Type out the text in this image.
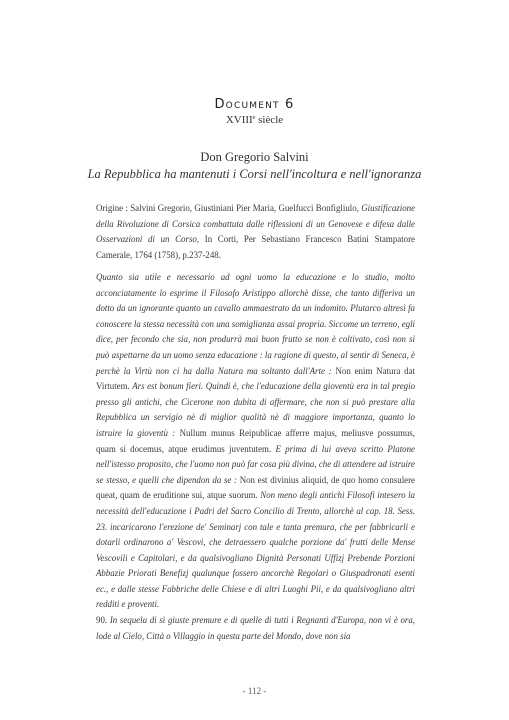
Document 6
XVIIIe siècle
Don Gregorio Salvini
La Repubblica ha mantenuti i Corsi nell'incoltura e nell'ignoranza
Origine : Salvini Gregorio, Giustiniani Pier Maria, Guelfucci Bonfigliulo, Giustificazione della Rivoluzione di Corsica combattuta dalle riflessioni di un Genovese e difesa dalle Osservazioni di un Corso, In Corti, Per Sebastiano Francesco Batini Stampatore Camerale, 1764 (1758), p.237-248.

Quanto sia utile e necessario ad ogni uomo la educazione e lo studio, molto acconciatamente lo esprime il Filosofo Aristippo allorchè disse, che tanto differiva un dotto da un ignorante quanto un cavallo ammaestrato da un indomito. Plutarco altresì fa conoscere la stessa necessità con una somiglianza assai propria. Siccome un terreno, egli dice, per fecondo che sia, non produrrà mai buon frutto se non è coltivato, così non si può aspettarne da un uomo senza educazione : la ragione di questo, al sentir di Seneca, è perchè la Virtù non ci ha dalla Natura ma soltanto dall'Arte : Non enim Natura dat Virtutem. Ars est bonum fieri. Quindi è, che l'educazione della gioventù era in tal pregio presso gli antichi, che Cicerone non dubita di affermare, che non si può prestare alla Repubblica un servigio nè di miglior qualità nè di maggiore importanza, quanto lo istruire la gioventù : Nullum munus Reipublicae afferre majus, meliusve possumus, quam si docemus, atque erudimus juventutem. E prima di lui aveva scritto Platone nell'istesso proposito, che l'uomo non può far cosa più divina, che di attendere ad istruire se stesso, e quelli che dipendon da se : Non est divinius aliquid, de quo homo consulere queat, quam de eruditione sui, atque suorum. Non meno degli antichi Filosofi intesero la necessità dell'educazione i Padri del Sacro Concilio di Trento, allorchè al cap. 18. Sess. 23. incaricarono l'erezione de' Seminarj con tale e tanta premura, che per fabbricarli e dotarli ordinarono a' Vescovi, che detraessero qualche porzione da' frutti delle Mense Vescovili e Capitolari, e da qualsivogliano Dignità Personati Uffizj Prebende Porzioni Abbazie Priorati Benefizj qualunque fossero ancorchè Regolari o Giuspadronati esenti ec., e dalle stesse Fabbriche delle Chiese e di altri Luoghi Pii, e da qualsivogliano altri redditi e proventi.

90. In sequela di sì giuste premure e di quelle di tutti i Regnanti d'Europa, non vi è ora, lode al Cielo, Città o Villaggio in questa parte del Mondo, dove non sia

- 112 -
